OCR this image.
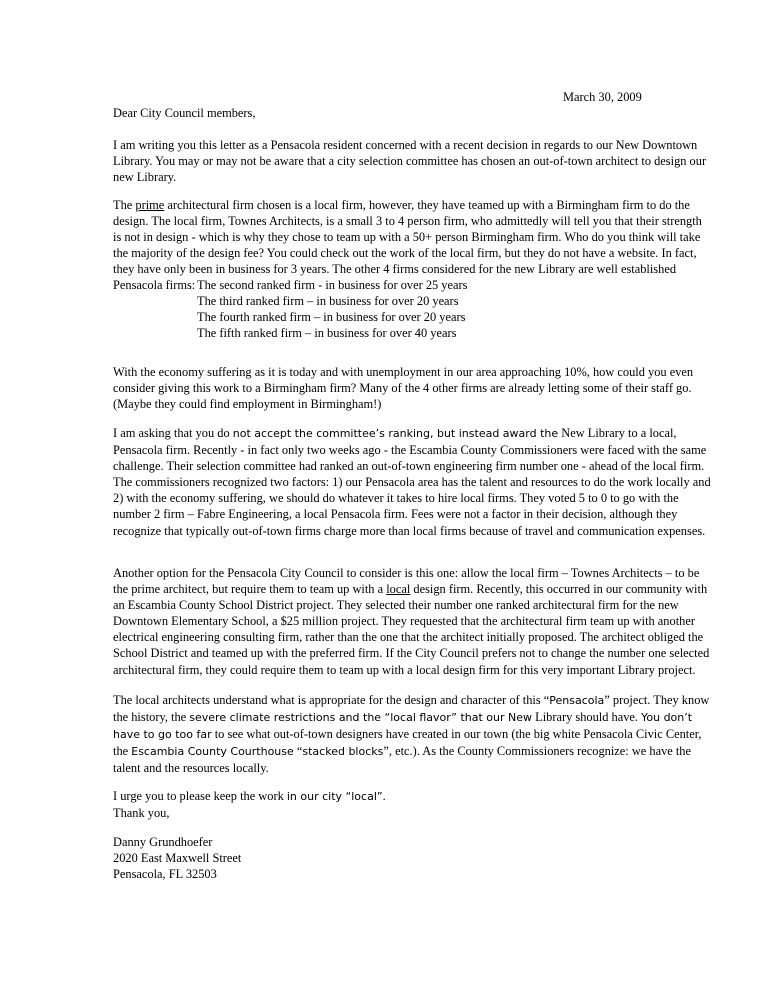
March 30, 2009

Dear City Council members,

I am writing you this letter as a Pensacola resident concerned with a recent decision in regards to our New Downtown Library. You may or may not be aware that a city selection committee has chosen an out-of-town architect to design our new Library.

The prime architectural firm chosen is a local firm, however, they have teamed up with a Birmingham firm to do the design. The local firm, Townes Architects, is a small 3 to 4 person firm, who admittedly will tell you that their strength is not in design - which is why they chose to team up with a 50+ person Birmingham firm. Who do you think will take the majority of the design fee? You could check out the work of the local firm, but they do not have a website. In fact, they have only been in business for 3 years. The other 4 firms considered for the new Library are well established Pensacola firms: The second ranked firm - in business for over 25 years
The third ranked firm – in business for over 20 years
The fourth ranked firm – in business for over 20 years
The fifth ranked firm – in business for over 40 years

With the economy suffering as it is today and with unemployment in our area approaching 10%, how could you even consider giving this work to a Birmingham firm? Many of the 4 other firms are already letting some of their staff go. (Maybe they could find employment in Birmingham!)

I am asking that you do not accept the committee’s ranking, but instead award the New Library to a local, Pensacola firm. Recently - in fact only two weeks ago - the Escambia County Commissioners were faced with the same challenge. Their selection committee had ranked an out-of-town engineering firm number one - ahead of the local firm. The commissioners recognized two factors: 1) our Pensacola area has the talent and resources to do the work locally and 2) with the economy suffering, we should do whatever it takes to hire local firms. They voted 5 to 0 to go with the number 2 firm – Fabre Engineering, a local Pensacola firm. Fees were not a factor in their decision, although they recognize that typically out-of-town firms charge more than local firms because of travel and communication expenses.

Another option for the Pensacola City Council to consider is this one: allow the local firm – Townes Architects – to be the prime architect, but require them to team up with a local design firm. Recently, this occurred in our community with an Escambia County School District project. They selected their number one ranked architectural firm for the new Downtown Elementary School, a $25 million project. They requested that the architectural firm team up with another electrical engineering consulting firm, rather than the one that the architect initially proposed. The architect obliged the School District and teamed up with the preferred firm. If the City Council prefers not to change the number one selected architectural firm, they could require them to team up with a local design firm for this very important Library project.

The local architects understand what is appropriate for the design and character of this “Pensacola” project. They know the history, the severe climate restrictions and the “local flavor” that our New Library should have. You don’t have to go too far to see what out-of-town designers have created in our town (the big white Pensacola Civic Center, the Escambia County Courthouse “stacked blocks”, etc.). As the County Commissioners recognize: we have the talent and the resources locally.

I urge you to please keep the work in our city “local”.
Thank you,
Danny Grundhoefer
2020 East Maxwell Street
Pensacola, FL 32503
